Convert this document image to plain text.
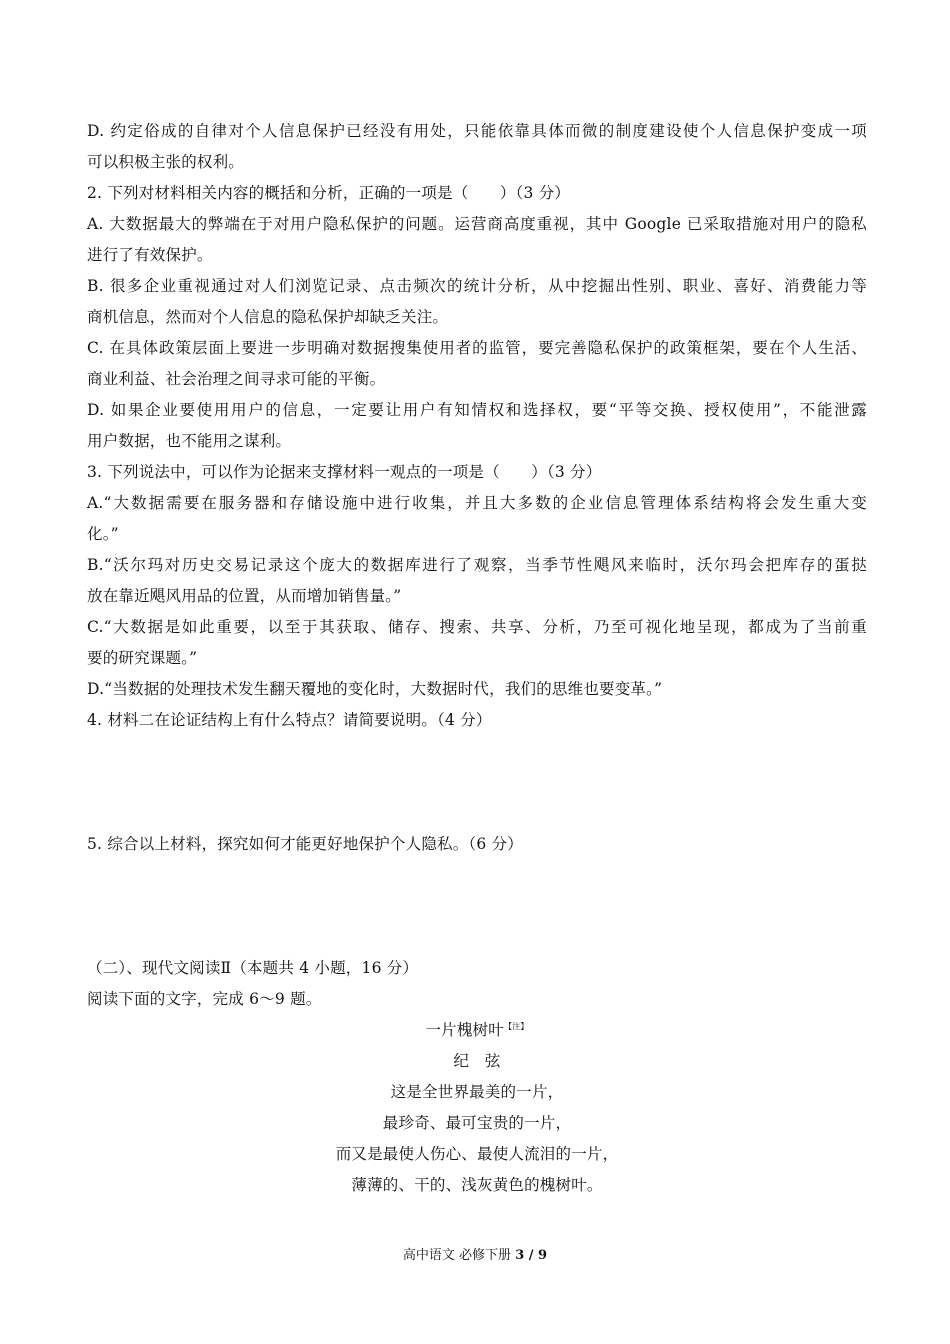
D. 约定俗成的自律对个人信息保护已经没有用处，只能依靠具体而微的制度建设使个人信息保护变成一项
可以积极主张的权利。
2. 下列对材料相关内容的概括和分析，正确的一项是（　　）（3 分）
A. 大数据最大的弊端在于对用户隐私保护的问题。运营商高度重视，其中 Google 已采取措施对用户的隐私
进行了有效保护。
B. 很多企业重视通过对人们浏览记录、点击频次的统计分析，从中挖掘出性别、职业、喜好、消费能力等
商机信息，然而对个人信息的隐私保护却缺乏关注。
C. 在具体政策层面上要进一步明确对数据搜集使用者的监管，要完善隐私保护的政策框架，要在个人生活、
商业利益、社会治理之间寻求可能的平衡。
D. 如果企业要使用用户的信息，一定要让用户有知情权和选择权，要“平等交换、授权使用”，不能泄露
用户数据，也不能用之谋利。
3. 下列说法中，可以作为论据来支撑材料一观点的一项是（　　）（3 分）
A.“大数据需要在服务器和存储设施中进行收集，并且大多数的企业信息管理体系结构将会发生重大变
化。”
B.“沃尔玛对历史交易记录这个庞大的数据库进行了观察，当季节性飓风来临时，沃尔玛会把库存的蛋挞
放在靠近飓风用品的位置，从而增加销售量。”
C.“大数据是如此重要，以至于其获取、储存、搜索、共享、分析，乃至可视化地呈现，都成为了当前重
要的研究课题。”
D.“当数据的处理技术发生翻天覆地的变化时，大数据时代，我们的思维也要变革。”
4. 材料二在论证结构上有什么特点？请简要说明。（4 分）
5. 综合以上材料，探究如何才能更好地保护个人隐私。（6 分）
（二）、现代文阅读Ⅱ（本题共 4 小题，16 分）
阅读下面的文字，完成 6～9 题。
一片槐树叶$^{【注】}$
纪　弦
这是全世界最美的一片，
最珍奇、最可宝贵的一片，
而又是最使人伤心、最使人流泪的一片，
薄薄的、干的、浅灰黄色的槐树叶。
高中语文 必修下册 3 / 9
